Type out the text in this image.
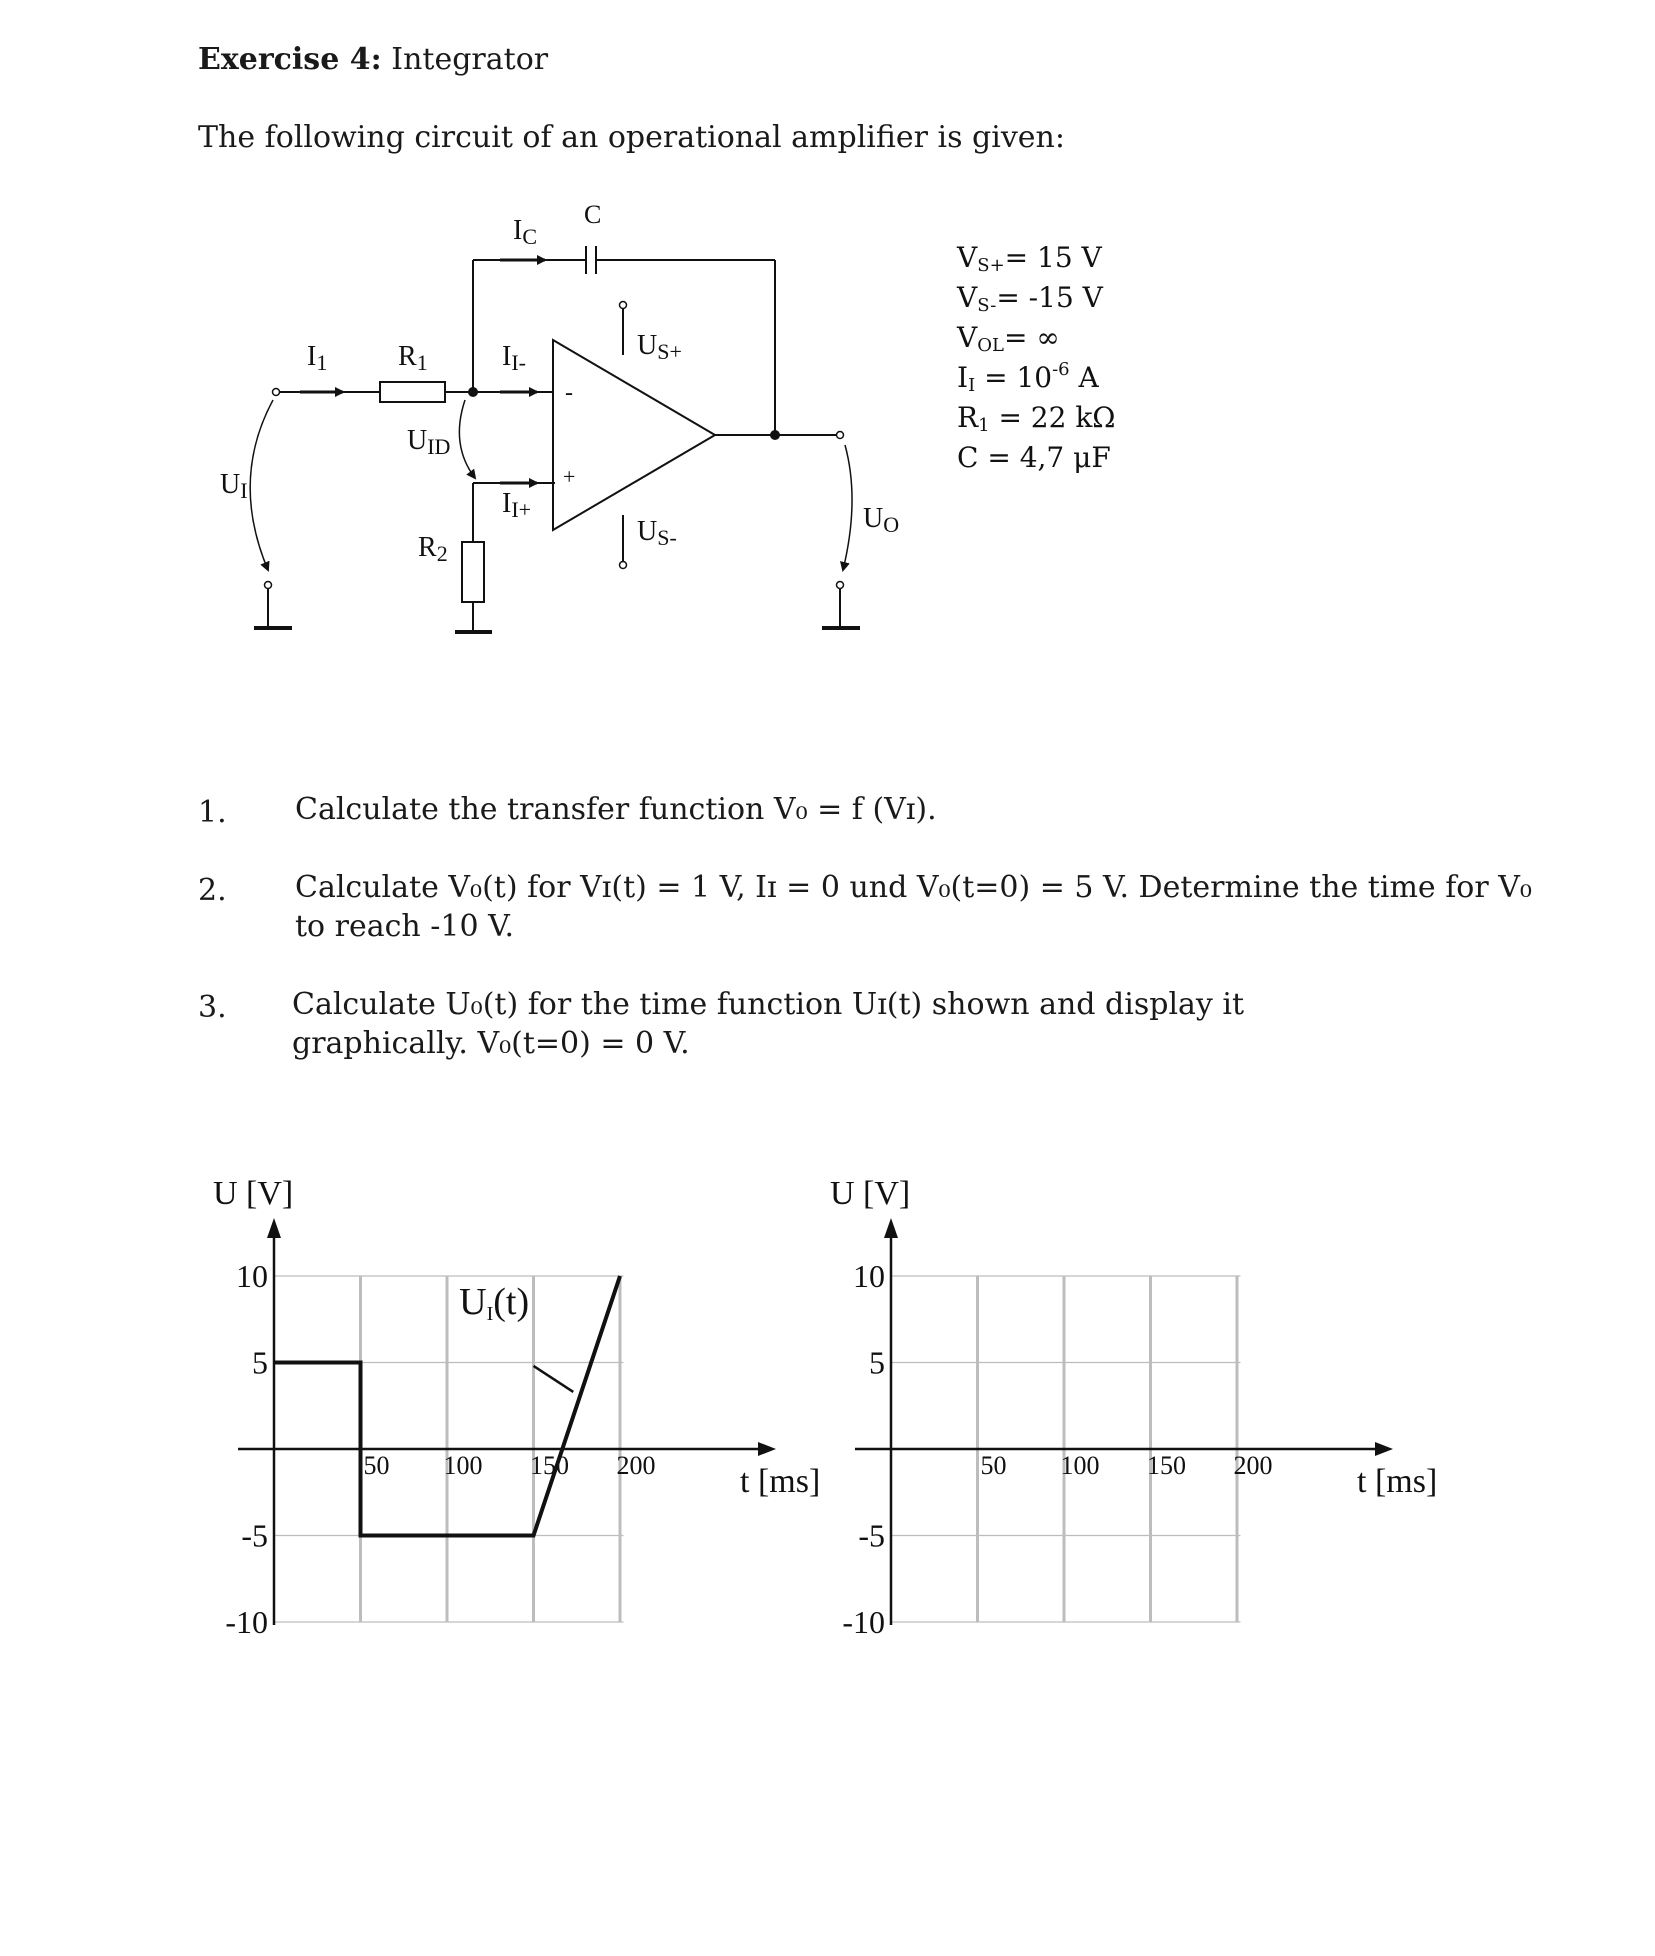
Exercise 4: Integrator
The following circuit of an operational amplifier is given:
IC
C
I1	R1	II-
UID
UI	II+
R2
US+
US-
UO
-
+
VS+= 15 V
VS-= -15 V
VOL= ∞
II = $10^{-6}$ A
R1 = 22 kΩ
C = 4,7 μF
1. Calculate the transfer function V₀ = f (Vɪ).
2. Calculate V₀(t) for Vɪ(t) = 1 V, Iɪ = 0 und V₀(t=0) = 5 V. Determine the time for V₀ to reach -10 V.
3. Calculate U₀(t) for the time function Uɪ(t) shown and display it graphically. V₀(t=0) = 0 V.
U [V]
t [ms]
10
5
-5
-10
50 100 150 200
UI(t)
U [V]
t [ms]
10
5
-5
-10
50 100 150 200
